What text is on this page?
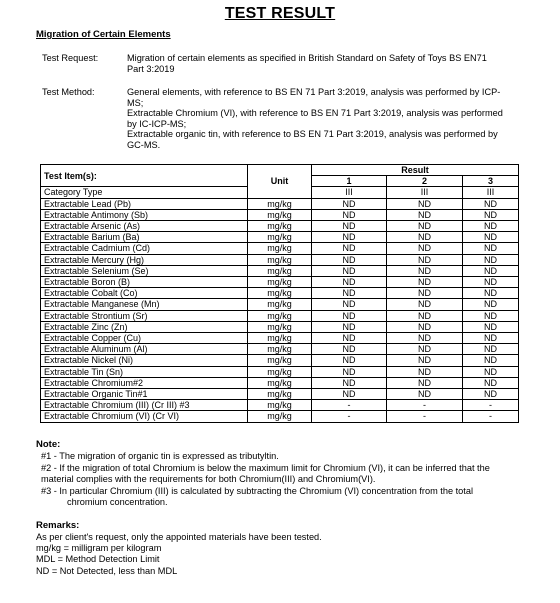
TEST RESULT
Migration of Certain Elements
Test Request:	Migration of certain elements as specified in British Standard on Safety of Toys BS EN71
Part 3:2019
Test Method:	General elements, with reference to BS EN 71 Part 3:2019, analysis was performed by ICP-
MS;
Extractable Chromium (VI), with reference to BS EN 71 Part 3:2019, analysis was performed
by IC-ICP-MS;
Extractable organic tin, with reference to BS EN 71 Part 3:2019, analysis was performed by
GC-MS.
Test Item(s):	Unit	Result		
		1	2	3
Category Type		III	III	III
Extractable Lead (Pb)	mg/kg	ND	ND	ND
Extractable Antimony (Sb)	mg/kg	ND	ND	ND
Extractable Arsenic (As)	mg/kg	ND	ND	ND
Extractable Barium (Ba)	mg/kg	ND	ND	ND
Extractable Cadmium (Cd)	mg/kg	ND	ND	ND
Extractable Mercury (Hg)	mg/kg	ND	ND	ND
Extractable Selenium (Se)	mg/kg	ND	ND	ND
Extractable Boron (B)	mg/kg	ND	ND	ND
Extractable Cobalt (Co)	mg/kg	ND	ND	ND
Extractable Manganese (Mn)	mg/kg	ND	ND	ND
Extractable Strontium (Sr)	mg/kg	ND	ND	ND
Extractable Zinc (Zn)	mg/kg	ND	ND	ND
Extractable Copper (Cu)	mg/kg	ND	ND	ND
Extractable Aluminum (Al)	mg/kg	ND	ND	ND
Extractable Nickel (Ni)	mg/kg	ND	ND	ND
Extractable Tin (Sn)	mg/kg	ND	ND	ND
Extractable Chromium#2	mg/kg	ND	ND	ND
Extractable Organic Tin#1	mg/kg	ND	ND	ND
Extractable Chromium (III) (Cr III) #3	mg/kg	-	-	-
Extractable Chromium (VI) (Cr VI)	mg/kg	-	-	-
Note:
#1 - The migration of organic tin is expressed as tributyltin.
#2 - If the migration of total Chromium is below the maximum limit for Chromium (VI), it can be inferred that the
material complies with the requirements for both Chromium(III) and Chromium(VI).
#3 - In particular Chromium (III) is calculated by subtracting the Chromium (VI) concentration from the total
chromium concentration.
Remarks:
As per client's request, only the appointed materials have been tested.
mg/kg = milligram per kilogram
MDL = Method Detection Limit
ND = Not Detected, less than MDL
